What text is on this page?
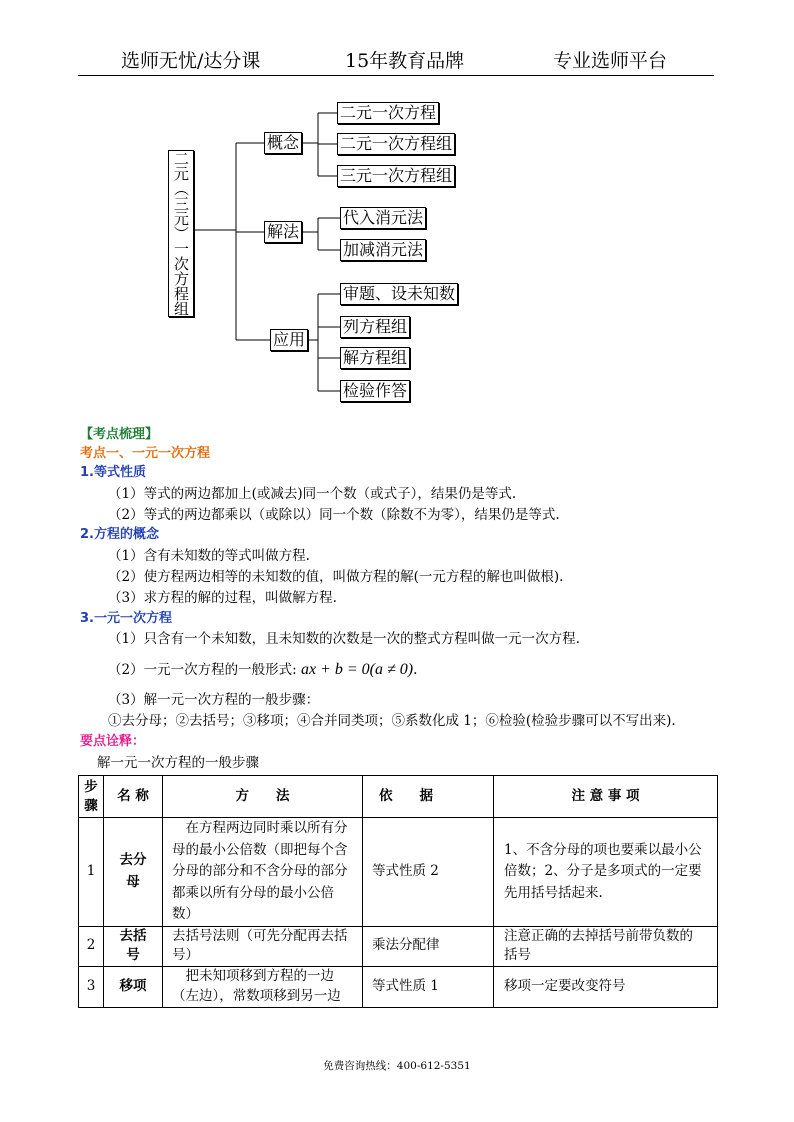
选师无忧/达分课	15年教育品牌	专业选师平台
二元（三元）一次方程组
概念
二元一次方程
二元一次方程组
三元一次方程组
解法
代入消元法
加减消元法
应用
审题、设未知数
列方程组
解方程组
检验作答
【考点梳理】
考点一、一元一次方程
1.等式性质
（1）等式的两边都加上(或减去)同一个数（或式子），结果仍是等式.
（2）等式的两边都乘以（或除以）同一个数（除数不为零），结果仍是等式.
2.方程的概念
（1）含有未知数的等式叫做方程.
（2）使方程两边相等的未知数的值，叫做方程的解(一元方程的解也叫做根).
（3）求方程的解的过程，叫做解方程.
3.一元一次方程
（1）只含有一个未知数，且未知数的次数是一次的整式方程叫做一元一次方程.
（2）一元一次方程的一般形式: ax + b = 0(a ≠ 0).
（3）解一元一次方程的一般步骤：
①去分母；②去括号；③移项；④合并同类项；⑤系数化成 1；⑥检验(检验步骤可以不写出来).
要点诠释：
解一元一次方程的一般步骤
步骤	名 称	方　　法	依　　据	注 意 事 项
1	去分母	在方程两边同时乘以所有分母的最小公倍数（即把每个含分母的部分和不含分母的部分都乘以所有分母的最小公倍数）	等式性质 2	1、不含分母的项也要乘以最小公倍数；2、分子是多项式的一定要先用括号括起来.
2	去括号	去括号法则（可先分配再去括号）	乘法分配律	注意正确的去掉括号前带负数的括号
3	移项	把未知项移到方程的一边（左边），常数项移到另一边	等式性质 1	移项一定要改变符号
免费咨询热线：400-612-5351
